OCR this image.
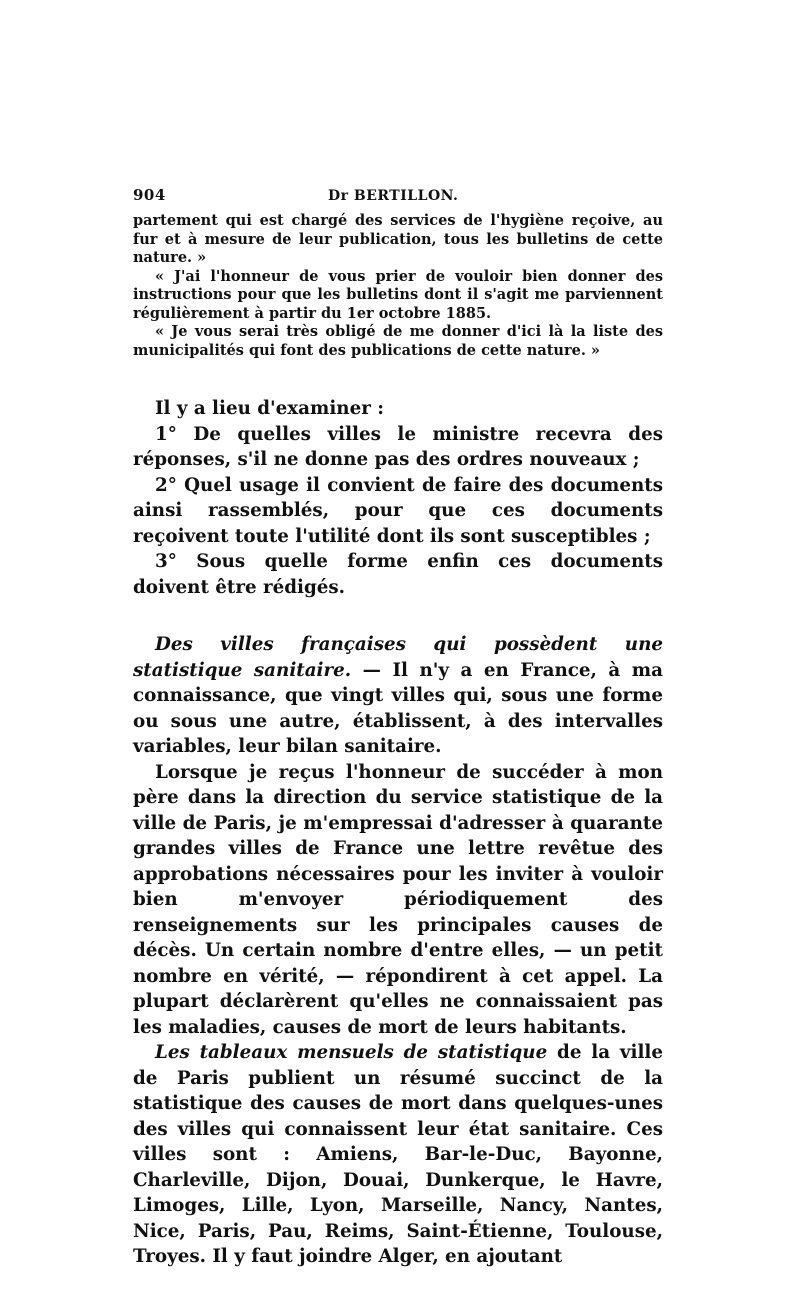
904	Dr BERTILLON.

partement qui est chargé des services de l'hygiène reçoive, au fur et à mesure de leur publication, tous les bulletins de cette nature. »

« J'ai l'honneur de vous prier de vouloir bien donner des instructions pour que les bulletins dont il s'agit me parviennent régulièrement à partir du 1er octobre 1885.

« Je vous serai très obligé de me donner d'ici là la liste des municipalités qui font des publications de cette nature. »

Il y a lieu d'examiner :

1° De quelles villes le ministre recevra des réponses, s'il ne donne pas des ordres nouveaux ;

2° Quel usage il convient de faire des documents ainsi rassemblés, pour que ces documents reçoivent toute l'utilité dont ils sont susceptibles ;

3° Sous quelle forme enfin ces documents doivent être rédigés.

Des villes françaises qui possèdent une statistique sanitaire. — Il n'y a en France, à ma connaissance, que vingt villes qui, sous une forme ou sous une autre, établissent, à des intervalles variables, leur bilan sanitaire.

Lorsque je reçus l'honneur de succéder à mon père dans la direction du service statistique de la ville de Paris, je m'empressai d'adresser à quarante grandes villes de France une lettre revêtue des approbations nécessaires pour les inviter à vouloir bien m'envoyer périodiquement des renseignements sur les principales causes de décès. Un certain nombre d'entre elles, — un petit nombre en vérité, — répondirent à cet appel. La plupart déclarèrent qu'elles ne connaissaient pas les maladies, causes de mort de leurs habitants.

Les tableaux mensuels de statistique de la ville de Paris publient un résumé succinct de la statistique des causes de mort dans quelques-unes des villes qui connaissent leur état sanitaire. Ces villes sont : Amiens, Bar-le-Duc, Bayonne, Charleville, Dijon, Douai, Dunkerque, le Havre, Limoges, Lille, Lyon, Marseille, Nancy, Nantes, Nice, Paris, Pau, Reims, Saint-Étienne, Toulouse, Troyes. Il y faut joindre Alger, en ajoutant
